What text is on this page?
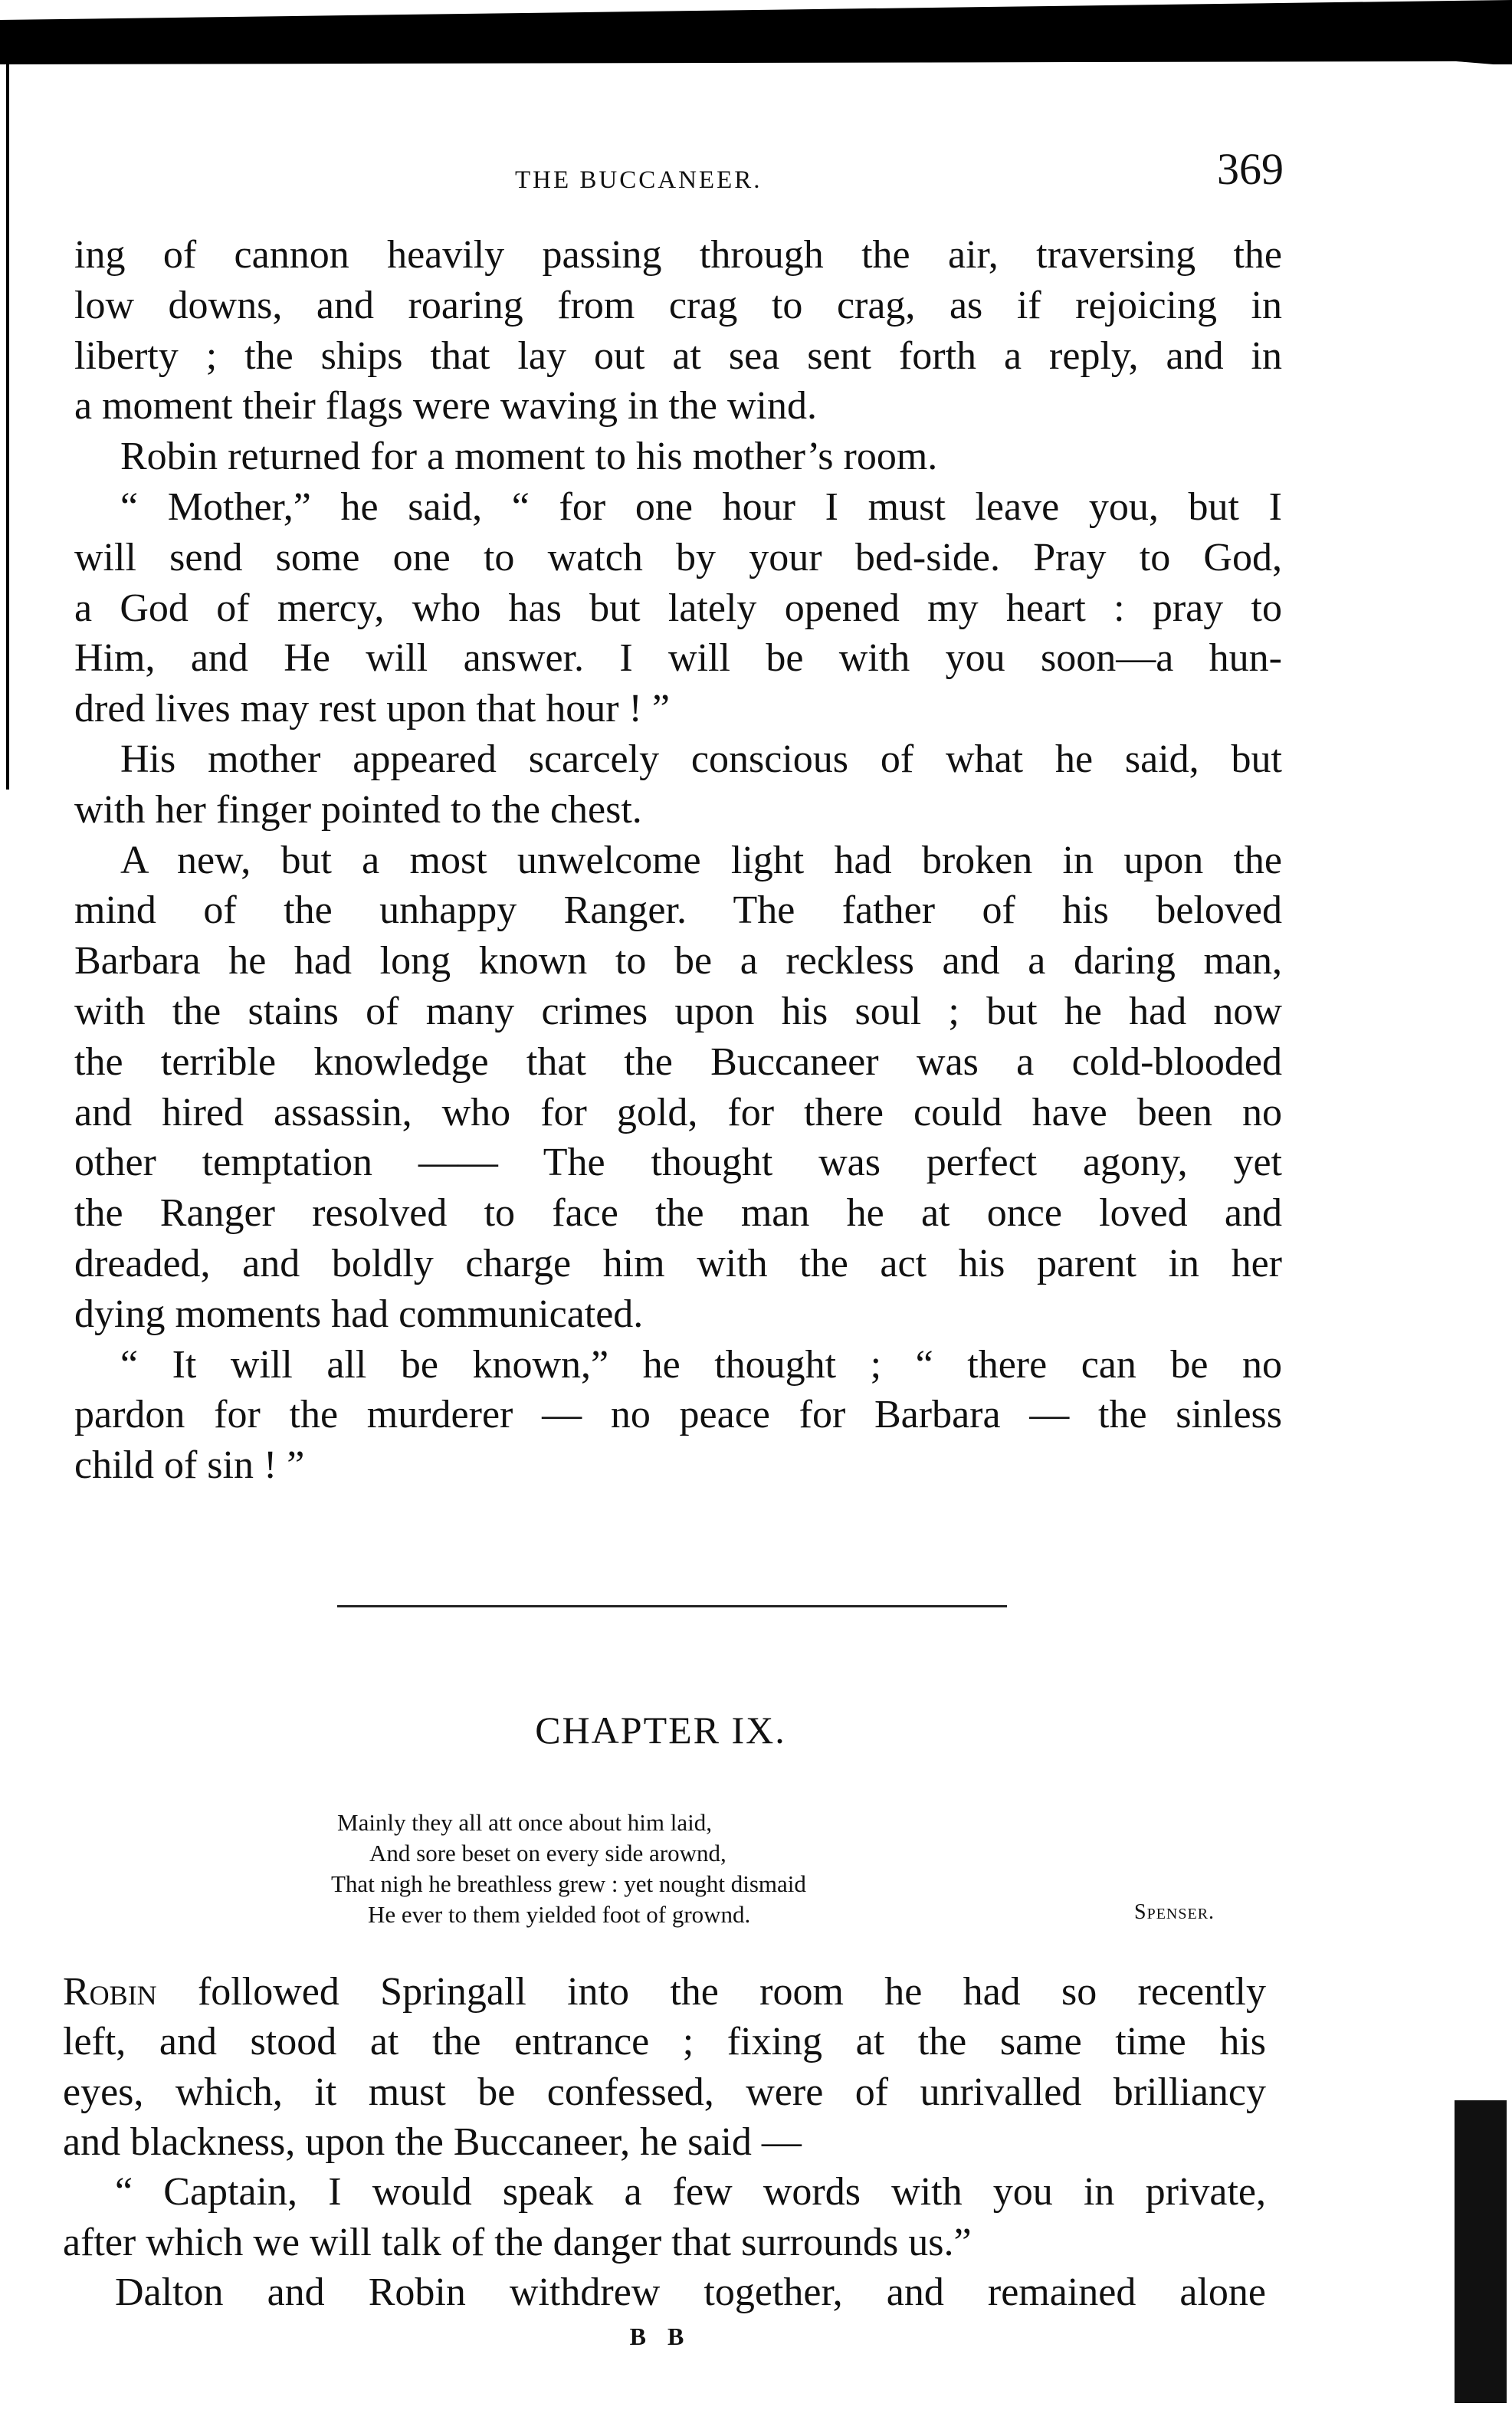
THE BUCCANEER.	369
ing of cannon heavily passing through the air, traversing the
low downs, and roaring from crag to crag, as if rejoicing in
liberty ; the ships that lay out at sea sent forth a reply, and in
a moment their flags were waving in the wind.
Robin returned for a moment to his mother’s room.
“ Mother,” he said, “ for one hour I must leave you, but I
will send some one to watch by your bed-side. Pray to God,
a God of mercy, who has but lately opened my heart : pray to
Him, and He will answer. I will be with you soon—a hun-
dred lives may rest upon that hour ! ”
His mother appeared scarcely conscious of what he said, but
with her finger pointed to the chest.
A new, but a most unwelcome light had broken in upon the
mind of the unhappy Ranger. The father of his beloved
Barbara he had long known to be a reckless and a daring man,
with the stains of many crimes upon his soul ; but he had now
the terrible knowledge that the Buccaneer was a cold-blooded
and hired assassin, who for gold, for there could have been no
other temptation —— The thought was perfect agony, yet
the Ranger resolved to face the man he at once loved and
dreaded, and boldly charge him with the act his parent in her
dying moments had communicated.
“ It will all be known,” he thought ; “ there can be no
pardon for the murderer — no peace for Barbara — the sinless
child of sin ! ”
CHAPTER IX.
Mainly they all att once about him laid,
And sore beset on every side arownd,
That nigh he breathless grew : yet nought dismaid
He ever to them yielded foot of grownd.	Spenser.
Robin followed Springall into the room he had so recently
left, and stood at the entrance ; fixing at the same time his
eyes, which, it must be confessed, were of unrivalled brilliancy
and blackness, upon the Buccaneer, he said —
“ Captain, I would speak a few words with you in private,
after which we will talk of the danger that surrounds us.”
Dalton and Robin withdrew together, and remained alone
B B
